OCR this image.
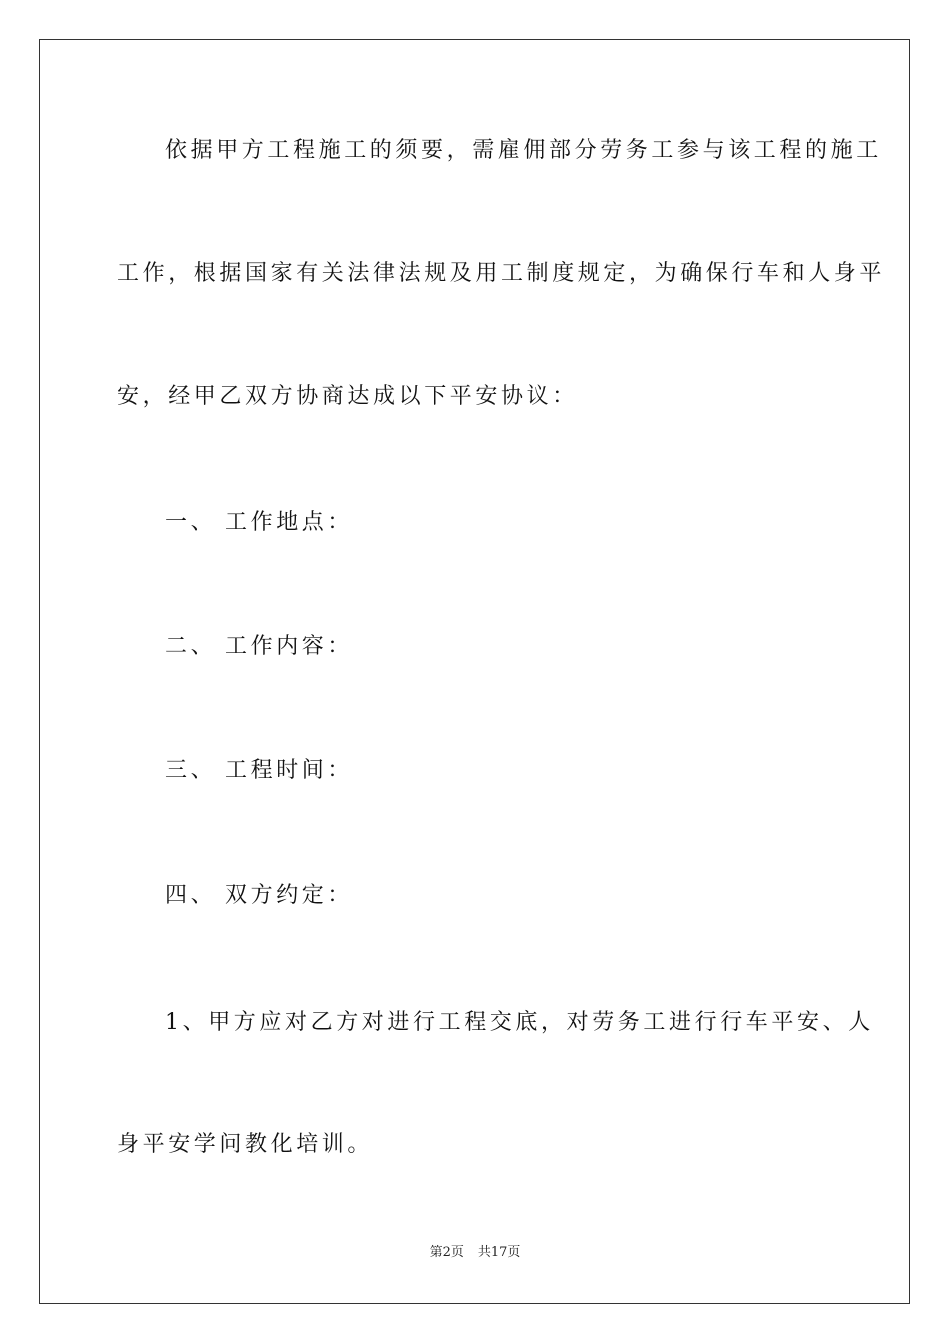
依据甲方工程施工的须要，需雇佣部分劳务工参与该工程的施工

工作，根据国家有关法律法规及用工制度规定，为确保行车和人身平

安，经甲乙双方协商达成以下平安协议：

一、 工作地点：
二、 工作内容：
三、 工程时间：
四、 双方约定：

1、甲方应对乙方对进行工程交底，对劳务工进行行车平安、人

身平安学问教化培训。

第2页 共17页
